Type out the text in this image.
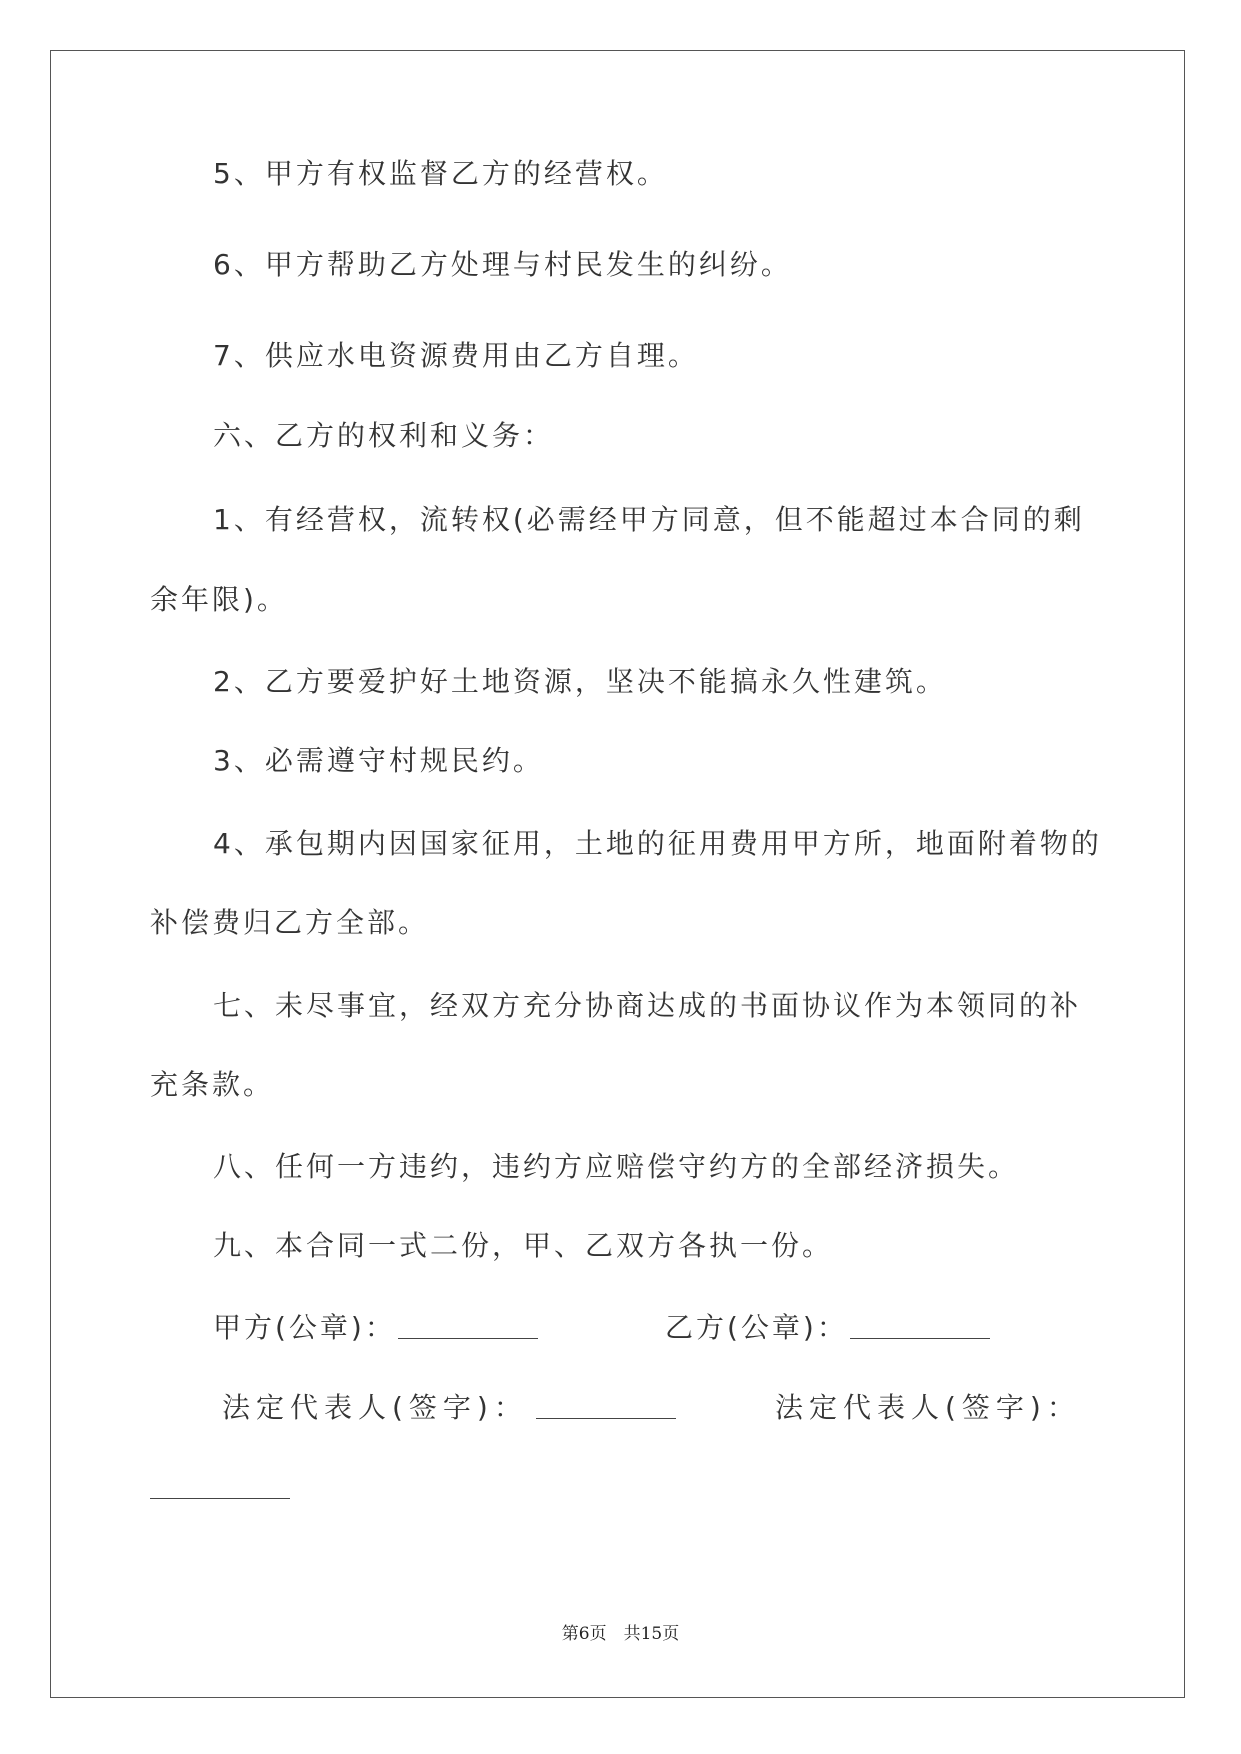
5、甲方有权监督乙方的经营权。
6、甲方帮助乙方处理与村民发生的纠纷。
7、供应水电资源费用由乙方自理。
六、乙方的权利和义务：
1、有经营权，流转权(必需经甲方同意，但不能超过本合同的剩
余年限)。
2、乙方要爱护好土地资源，坚决不能搞永久性建筑。
3、必需遵守村规民约。
4、承包期内因国家征用，土地的征用费用甲方所，地面附着物的
补偿费归乙方全部。
七、未尽事宜，经双方充分协商达成的书面协议作为本领同的补
充条款。
八、任何一方违约，违约方应赔偿守约方的全部经济损失。
九、本合同一式二份，甲、乙双方各执一份。
甲方(公章)：	乙方(公章)：
法定代表人(签字)：	法定代表人(签字)：
第6页　共15页
